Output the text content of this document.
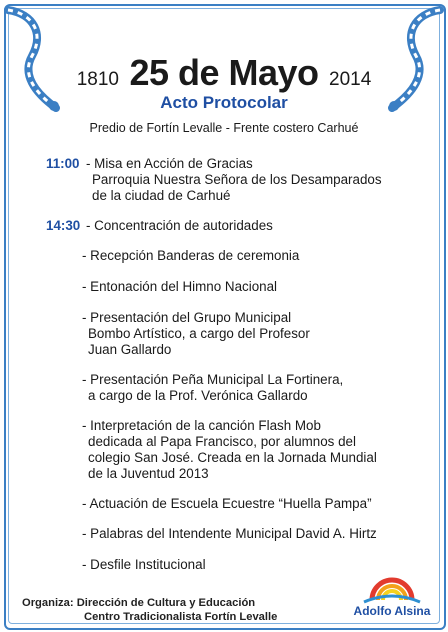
1810 25 de Mayo 2014
Acto Protocolar
Predio de Fortín Levalle - Frente costero Carhué
11:00 - Misa en Acción de Gracias
Parroquia Nuestra Señora de los Desamparados
de la ciudad de Carhué
14:30 - Concentración de autoridades
- Recepción Banderas de ceremonia
- Entonación del Himno Nacional
- Presentación del Grupo Municipal
Bombo Artístico, a cargo del Profesor
Juan Gallardo
- Presentación Peña Municipal La Fortinera,
a cargo de la Prof. Verónica Gallardo
- Interpretación de la canción Flash Mob
dedicada al Papa Francisco, por alumnos del
colegio San José. Creada en la Jornada Mundial
de la Juventud 2013
- Actuación de Escuela Ecuestre “Huella Pampa”
- Palabras del Intendente Municipal David A. Hirtz
- Desfile Institucional
Organiza: Dirección de Cultura y Educación
Centro Tradicionalista Fortín Levalle	Adolfo Alsina
